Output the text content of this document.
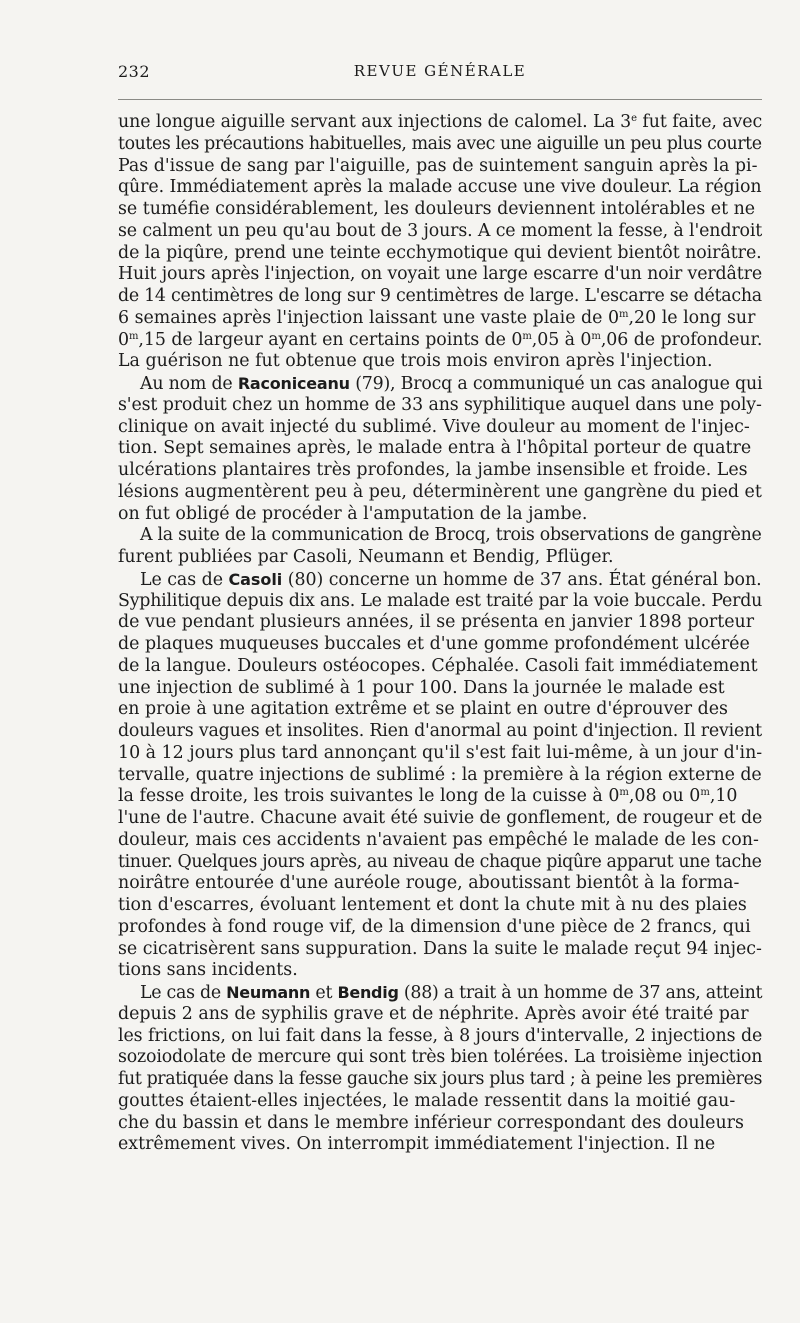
232	REVUE GÉNÉRALE
une longue aiguille servant aux injections de calomel. La 3e fut faite, avec
toutes les précautions habituelles, mais avec une aiguille un peu plus courte
Pas d'issue de sang par l'aiguille, pas de suintement sanguin après la pi-
qûre. Immédiatement après la malade accuse une vive douleur. La région
se tuméfie considérablement, les douleurs deviennent intolérables et ne
se calment un peu qu'au bout de 3 jours. A ce moment la fesse, à l'endroit
de la piqûre, prend une teinte ecchymotique qui devient bientôt noirâtre.
Huit jours après l'injection, on voyait une large escarre d'un noir verdâtre
de 14 centimètres de long sur 9 centimètres de large. L'escarre se détacha
6 semaines après l'injection laissant une vaste plaie de 0$^m$,20 le long sur
0$^m$,15 de largeur ayant en certains points de 0$^m$,05 à 0$^m$,06 de profondeur.
La guérison ne fut obtenue que trois mois environ après l'injection.
Au nom de Raconiceanu (79), Brocq a communiqué un cas analogue qui
s'est produit chez un homme de 33 ans syphilitique auquel dans une poly-
clinique on avait injecté du sublimé. Vive douleur au moment de l'injec-
tion. Sept semaines après, le malade entra à l'hôpital porteur de quatre
ulcérations plantaires très profondes, la jambe insensible et froide. Les
lésions augmentèrent peu à peu, déterminèrent une gangrène du pied et
on fut obligé de procéder à l'amputation de la jambe.
A la suite de la communication de Brocq, trois observations de gangrène
furent publiées par Casoli, Neumann et Bendig, Pflüger.
Le cas de Casoli (80) concerne un homme de 37 ans. État général bon.
Syphilitique depuis dix ans. Le malade est traité par la voie buccale. Perdu
de vue pendant plusieurs années, il se présenta en janvier 1898 porteur
de plaques muqueuses buccales et d'une gomme profondément ulcérée
de la langue. Douleurs ostéocopes. Céphalée. Casoli fait immédiatement
une injection de sublimé à 1 pour 100. Dans la journée le malade est
en proie à une agitation extrême et se plaint en outre d'éprouver des
douleurs vagues et insolites. Rien d'anormal au point d'injection. Il revient
10 à 12 jours plus tard annonçant qu'il s'est fait lui-même, à un jour d'in-
tervalle, quatre injections de sublimé : la première à la région externe de
la fesse droite, les trois suivantes le long de la cuisse à 0$^m$,08 ou 0$^m$,10
l'une de l'autre. Chacune avait été suivie de gonflement, de rougeur et de
douleur, mais ces accidents n'avaient pas empêché le malade de les con-
tinuer. Quelques jours après, au niveau de chaque piqûre apparut une tache
noirâtre entourée d'une auréole rouge, aboutissant bientôt à la forma-
tion d'escarres, évoluant lentement et dont la chute mit à nu des plaies
profondes à fond rouge vif, de la dimension d'une pièce de 2 francs, qui
se cicatrisèrent sans suppuration. Dans la suite le malade reçut 94 injec-
tions sans incidents.
Le cas de Neumann et Bendig (88) a trait à un homme de 37 ans, atteint
depuis 2 ans de syphilis grave et de néphrite. Après avoir été traité par
les frictions, on lui fait dans la fesse, à 8 jours d'intervalle, 2 injections de
sozoiodolate de mercure qui sont très bien tolérées. La troisième injection
fut pratiquée dans la fesse gauche six jours plus tard ; à peine les premières
gouttes étaient-elles injectées, le malade ressentit dans la moitié gau-
che du bassin et dans le membre inférieur correspondant des douleurs
extrêmement vives. On interrompit immédiatement l'injection. Il ne
